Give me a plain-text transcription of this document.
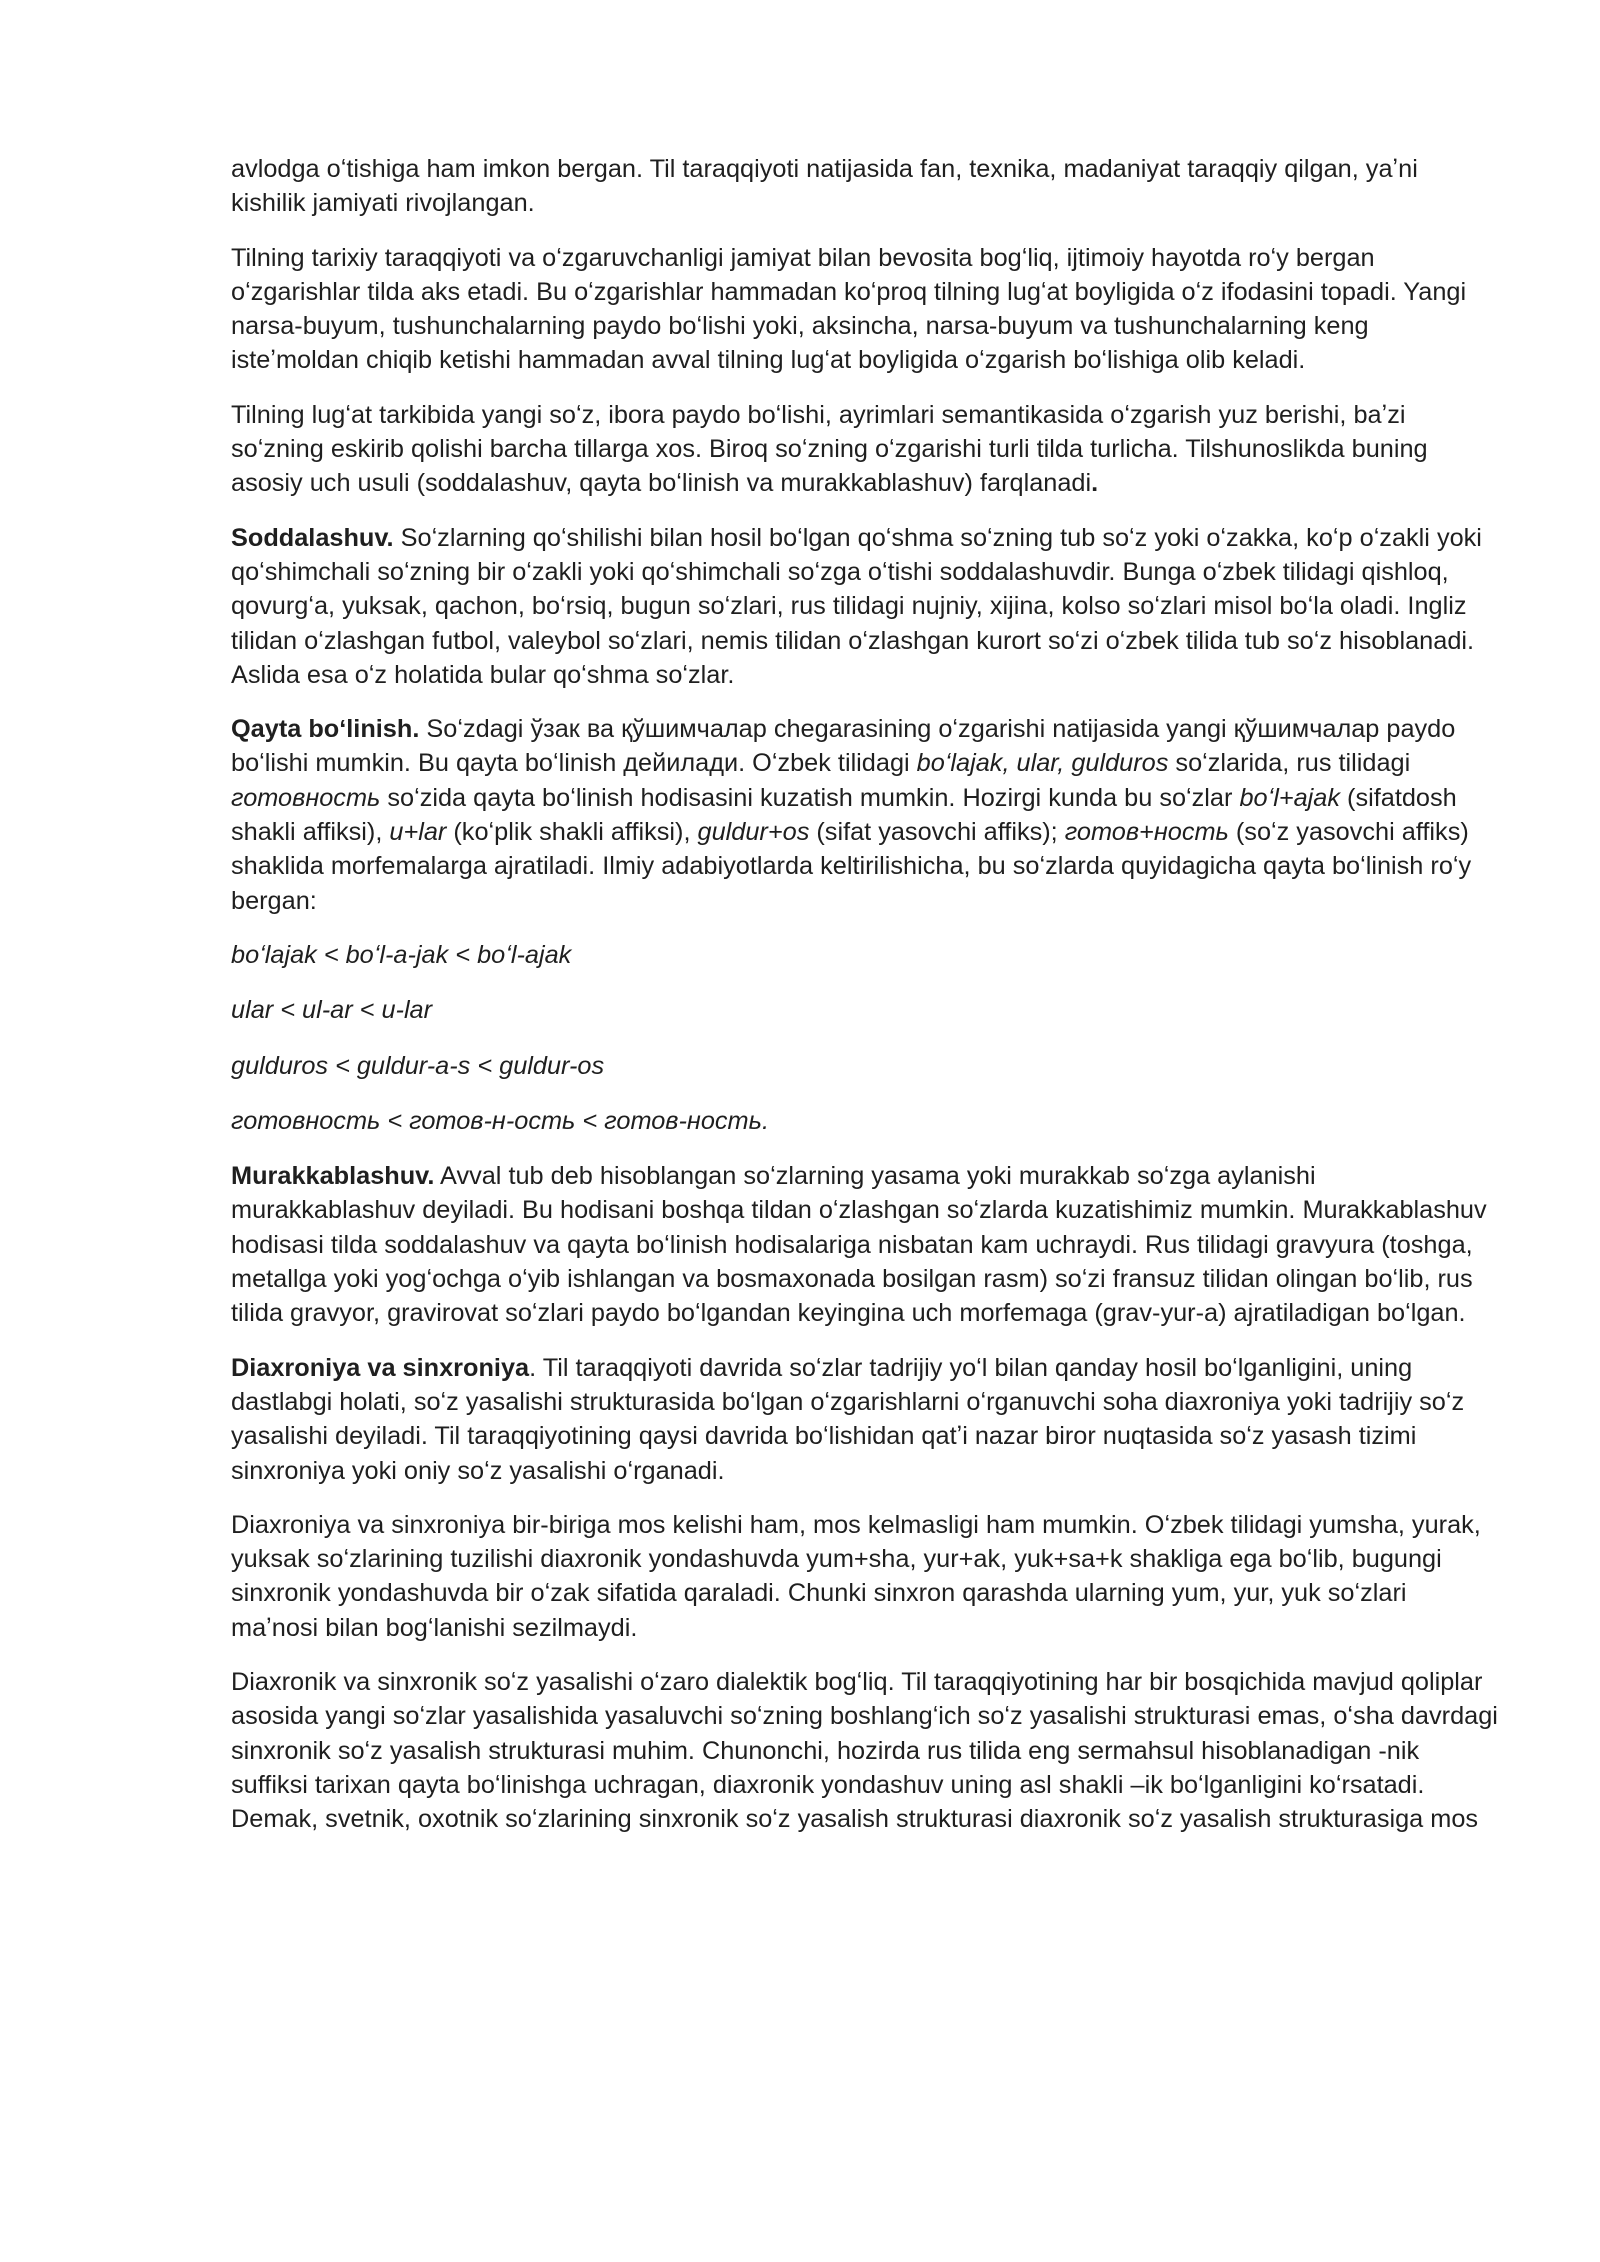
avlodga oʻtishiga ham imkon bergan. Til taraqqiyoti natijasida fan, texnika, madaniyat taraqqiy qilgan, yaʼni kishilik jamiyati rivojlangan.

Tilning tarixiy taraqqiyoti va oʻzgaruvchanligi jamiyat bilan bevosita bogʻliq, ijtimoiy hayotda roʻy bergan oʻzgarishlar tilda aks etadi. Bu oʻzgarishlar hammadan koʻproq tilning lugʻat boyligida oʻz ifodasini topadi. Yangi narsa-buyum, tushunchalarning paydo boʻlishi yoki, aksincha, narsa-buyum va tushunchalarning keng isteʼmoldan chiqib ketishi hammadan avval tilning lugʻat boyligida oʻzgarish boʻlishiga olib keladi.

Tilning lugʻat tarkibida yangi soʻz, ibora paydo boʻlishi, ayrimlari semantikasida oʻzgarish yuz berishi, baʼzi soʻzning eskirib qolishi barcha tillarga xos. Biroq soʻzning oʻzgarishi turli tilda turlicha. Tilshunoslikda buning asosiy uch usuli (soddalashuv, qayta boʻlinish va murakkablashuv) farqlanadi.

Soddalashuv. Soʻzlarning qoʻshilishi bilan hosil boʻlgan qoʻshma soʻzning tub soʻz yoki oʻzakka, koʻp oʻzakli yoki qoʻshimchali soʻzning bir oʻzakli yoki qoʻshimchali soʻzga oʻtishi soddalashuvdir. Bunga oʻzbek tilidagi qishloq, qovurgʻa, yuksak, qachon, boʻrsiq, bugun soʻzlari, rus tilidagi nujniy, xijina, kolso soʻzlari misol boʻla oladi. Ingliz tilidan oʻzlashgan futbol, valeybol soʻzlari, nemis tilidan oʻzlashgan kurort soʻzi oʻzbek tilida tub soʻz hisoblanadi. Aslida esa oʻz holatida bular qoʻshma soʻzlar.

Qayta boʻlinish. Soʻzdagi ўзак ва қўшимчалар chegarasining oʻzgarishi natijasida yangi қўшимчалар paydo boʻlishi mumkin. Bu qayta boʻlinish дейилади. Oʻzbek tilidagi boʻlajak, ular, gulduros soʻzlarida, rus tilidagi готовность soʻzida qayta boʻlinish hodisasini kuzatish mumkin. Hozirgi kunda bu soʻzlar boʻl+ajak (sifatdosh shakli affiksi), u+lar (koʻplik shakli affiksi), guldur+os (sifat yasovchi affiks); готов+ность (soʻz yasovchi affiks) shaklida morfemalarga ajratiladi. Ilmiy adabiyotlarda keltirilishicha, bu soʻzlarda quyidagicha qayta boʻlinish roʻy bergan:

boʻlajak < boʻl-a-jak < boʻl-ajak

ular < ul-ar < u-lar

gulduros < guldur-a-s < guldur-os

готовность < готов-н-ость < готов-ность.

Murakkablashuv. Avval tub deb hisoblangan soʻzlarning yasama yoki murakkab soʻzga aylanishi murakkablashuv deyiladi. Bu hodisani boshqa tildan oʻzlashgan soʻzlarda kuzatishimiz mumkin. Murakkablashuv hodisasi tilda soddalashuv va qayta boʻlinish hodisalariga nisbatan kam uchraydi. Rus tilidagi gravyura (toshga, metallga yoki yogʻochga oʻyib ishlangan va bosmaxonada bosilgan rasm) soʻzi fransuz tilidan olingan boʻlib, rus tilida gravyor, gravirovat soʻzlari paydo boʻlgandan keyingina uch morfemaga (grav-yur-a) ajratiladigan boʻlgan.

Diaxroniya va sinxroniya. Til taraqqiyoti davrida soʻzlar tadrijiy yoʻl bilan qanday hosil boʻlganligini, uning dastlabgi holati, soʻz yasalishi strukturasida boʻlgan oʻzgarishlarni oʻrganuvchi soha diaxroniya yoki tadrijiy soʻz yasalishi deyiladi. Til taraqqiyotining qaysi davrida boʻlishidan qatʼi nazar biror nuqtasida soʻz yasash tizimi sinxroniya yoki oniy soʻz yasalishi oʻrganadi.

Diaxroniya va sinxroniya bir-biriga mos kelishi ham, mos kelmasligi ham mumkin. Oʻzbek tilidagi yumsha, yurak, yuksak soʻzlarining tuzilishi diaxronik yondashuvda yum+sha, yur+ak, yuk+sa+k shakliga ega boʻlib, bugungi sinxronik yondashuvda bir oʻzak sifatida qaraladi. Chunki sinxron qarashda ularning yum, yur, yuk soʻzlari maʼnosi bilan bogʻlanishi sezilmaydi.

Diaxronik va sinxronik soʻz yasalishi oʻzaro dialektik bogʻliq. Til taraqqiyotining har bir bosqichida mavjud qoliplar asosida yangi soʻzlar yasalishida yasaluvchi soʻzning boshlangʻich soʻz yasalishi strukturasi emas, oʻsha davrdagi sinxronik soʻz yasalish strukturasi muhim. Chunonchi, hozirda rus tilida eng sermahsul hisoblanadigan -nik suffiksi tarixan qayta boʻlinishga uchragan, diaxronik yondashuv uning asl shakli –ik boʻlganligini koʻrsatadi. Demak, svetnik, oxotnik soʻzlarining sinxronik soʻz yasalish strukturasi diaxronik soʻz yasalish strukturasiga mos
